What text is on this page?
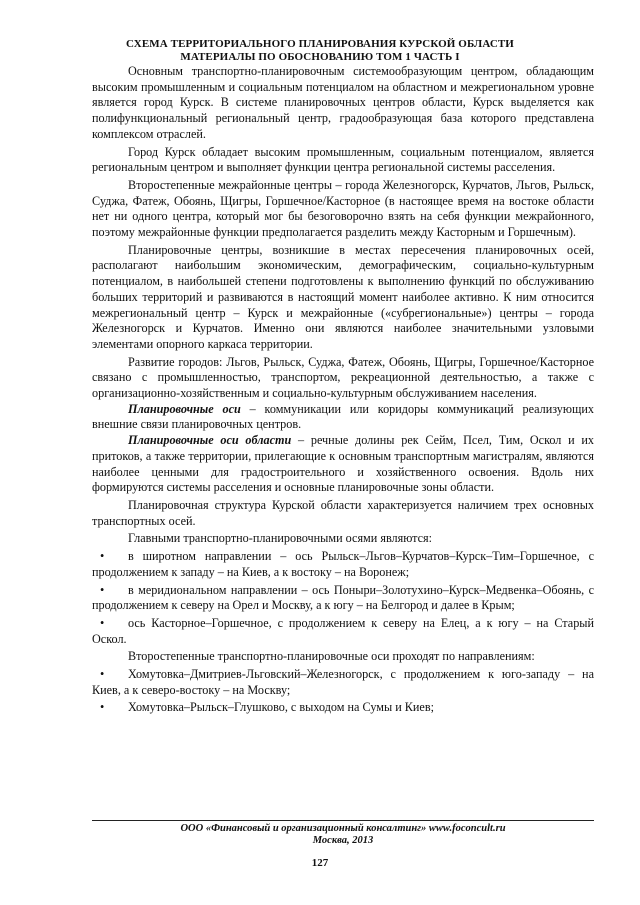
СХЕМА ТЕРРИТОРИАЛЬНОГО ПЛАНИРОВАНИЯ КУРСКОЙ ОБЛАСТИ
МАТЕРИАЛЫ ПО ОБОСНОВАНИЮ ТОМ 1 ЧАСТЬ I

Основным транспортно-планировочным системообразующим центром, обладающим высоким промышленным и социальным потенциалом на областном и межрегиональном уровне является город Курск. В системе планировочных центров области, Курск выделяется как полифункциональный региональный центр, градообразующая база которого представлена комплексом отраслей.

Город Курск обладает высоким промышленным, социальным потенциалом, является региональным центром и выполняет функции центра региональной системы расселения.

Второстепенные межрайонные центры – города Железногорск, Курчатов, Льгов, Рыльск, Суджа, Фатеж, Обоянь, Щигры, Горшечное/Касторное (в настоящее время на востоке области нет ни одного центра, который мог бы безоговорочно взять на себя функции межрайонного, поэтому межрайонные функции предполагается разделить между Касторным и Горшечным).

Планировочные центры, возникшие в местах пересечения планировочных осей, располагают наибольшим экономическим, демографическим, социально-культурным потенциалом, в наибольшей степени подготовлены к выполнению функций по обслуживанию больших территорий и развиваются в настоящий момент наиболее активно. К ним относится межрегиональный центр – Курск и межрайонные («субрегиональные») центры – города Железногорск и Курчатов. Именно они являются наиболее значительными узловыми элементами опорного каркаса территории.

Развитие городов: Льгов, Рыльск, Суджа, Фатеж, Обоянь, Щигры, Горшечное/Касторное связано с промышленностью, транспортом, рекреационной деятельностью, а также с организационно-хозяйственным и социально-культурным обслуживанием населения.

Планировочные оси – коммуникации или коридоры коммуникаций реализующих внешние связи планировочных центров.

Планировочные оси области – речные долины рек Сейм, Псел, Тим, Оскол и их притоков, а также территории, прилегающие к основным транспортным магистралям, являются наиболее ценными для градостроительного и хозяйственного освоения. Вдоль них формируются системы расселения и основные планировочные зоны области.

Планировочная структура Курской области характеризуется наличием трех основных транспортных осей.

Главными транспортно-планировочными осями являются:

• в широтном направлении – ось Рыльск–Льгов–Курчатов–Курск–Тим–Горшечное, с продолжением к западу – на Киев, а к востоку – на Воронеж;

• в меридиональном направлении – ось Поныри–Золотухино–Курск–Медвенка–Обоянь, с продолжением к северу на Орел и Москву, а к югу – на Белгород и далее в Крым;

• ось Касторное–Горшечное, с продолжением к северу на Елец, а к югу – на Старый Оскол.

Второстепенные транспортно-планировочные оси проходят по направлениям:

• Хомутовка–Дмитриев-Льговский–Железногорск, с продолжением к юго-западу – на Киев, а к северо-востоку – на Москву;

• Хомутовка–Рыльск–Глушково, с выходом на Сумы и Киев;

ООО «Финансовый и организационный консалтинг» www.foconcult.ru
Москва, 2013
127
